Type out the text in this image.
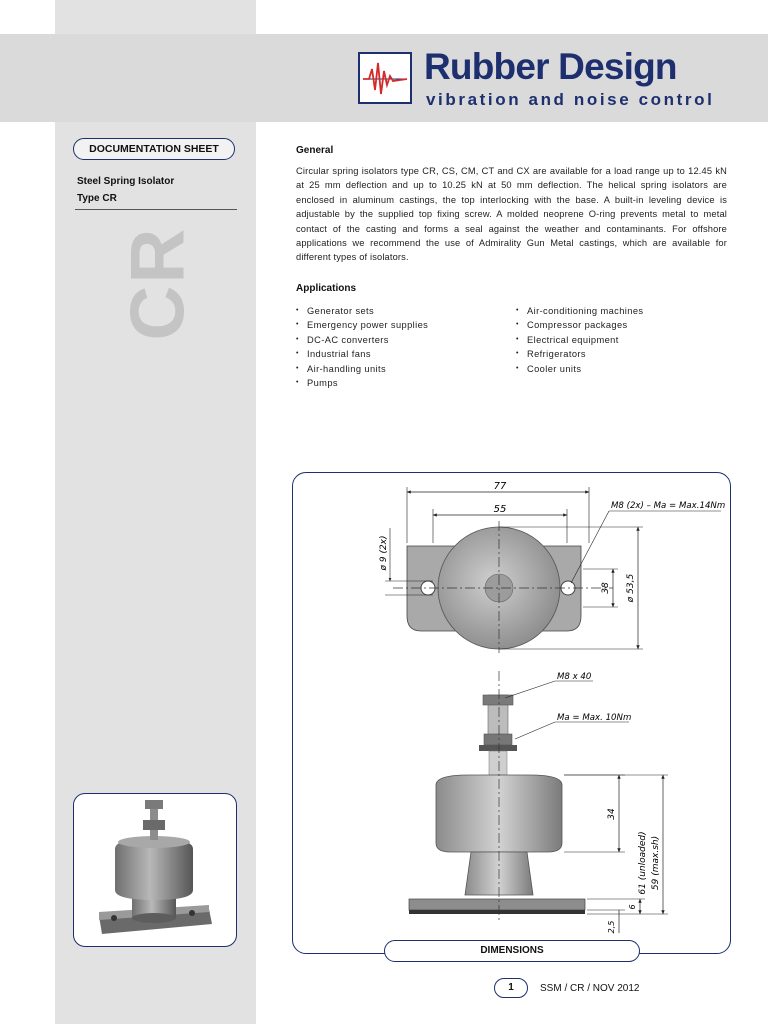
Rubber Design
vibration and noise control
DOCUMENTATION SHEET
Steel Spring Isolator
Type CR
CR
General

Circular spring isolators type CR, CS, CM, CT and CX are available for a load range up to 12.45 kN at 25 mm deflection and up to 10.25 kN at 50 mm deflection. The helical spring isolators are enclosed in aluminum castings, the top interlocking with the base. A built-in leveling device is adjustable by the supplied top fixing screw. A molded neoprene O-ring prevents metal to metal contact of the casting and forms a seal against the weather and contaminants. For offshore applications we recommend the use of Admirality Gun Metal castings, which are available for different types of isolators.

Applications
• Generator sets
• Emergency power supplies
• DC-AC converters
• Industrial fans
• Air-handling units
• Pumps
• Air-conditioning machines
• Compressor packages
• Electrical equipment
• Refrigerators
• Cooler units
77
55
ø 9 (2x)
38 ø 53,5
M8 (2x) – Ma = Max.14Nm
M8 x 40
Ma = Max. 10Nm
34
61 (unloaded) 59 (max.sh)
6
2,5
DIMENSIONS
1	SSM / CR / NOV 2012
